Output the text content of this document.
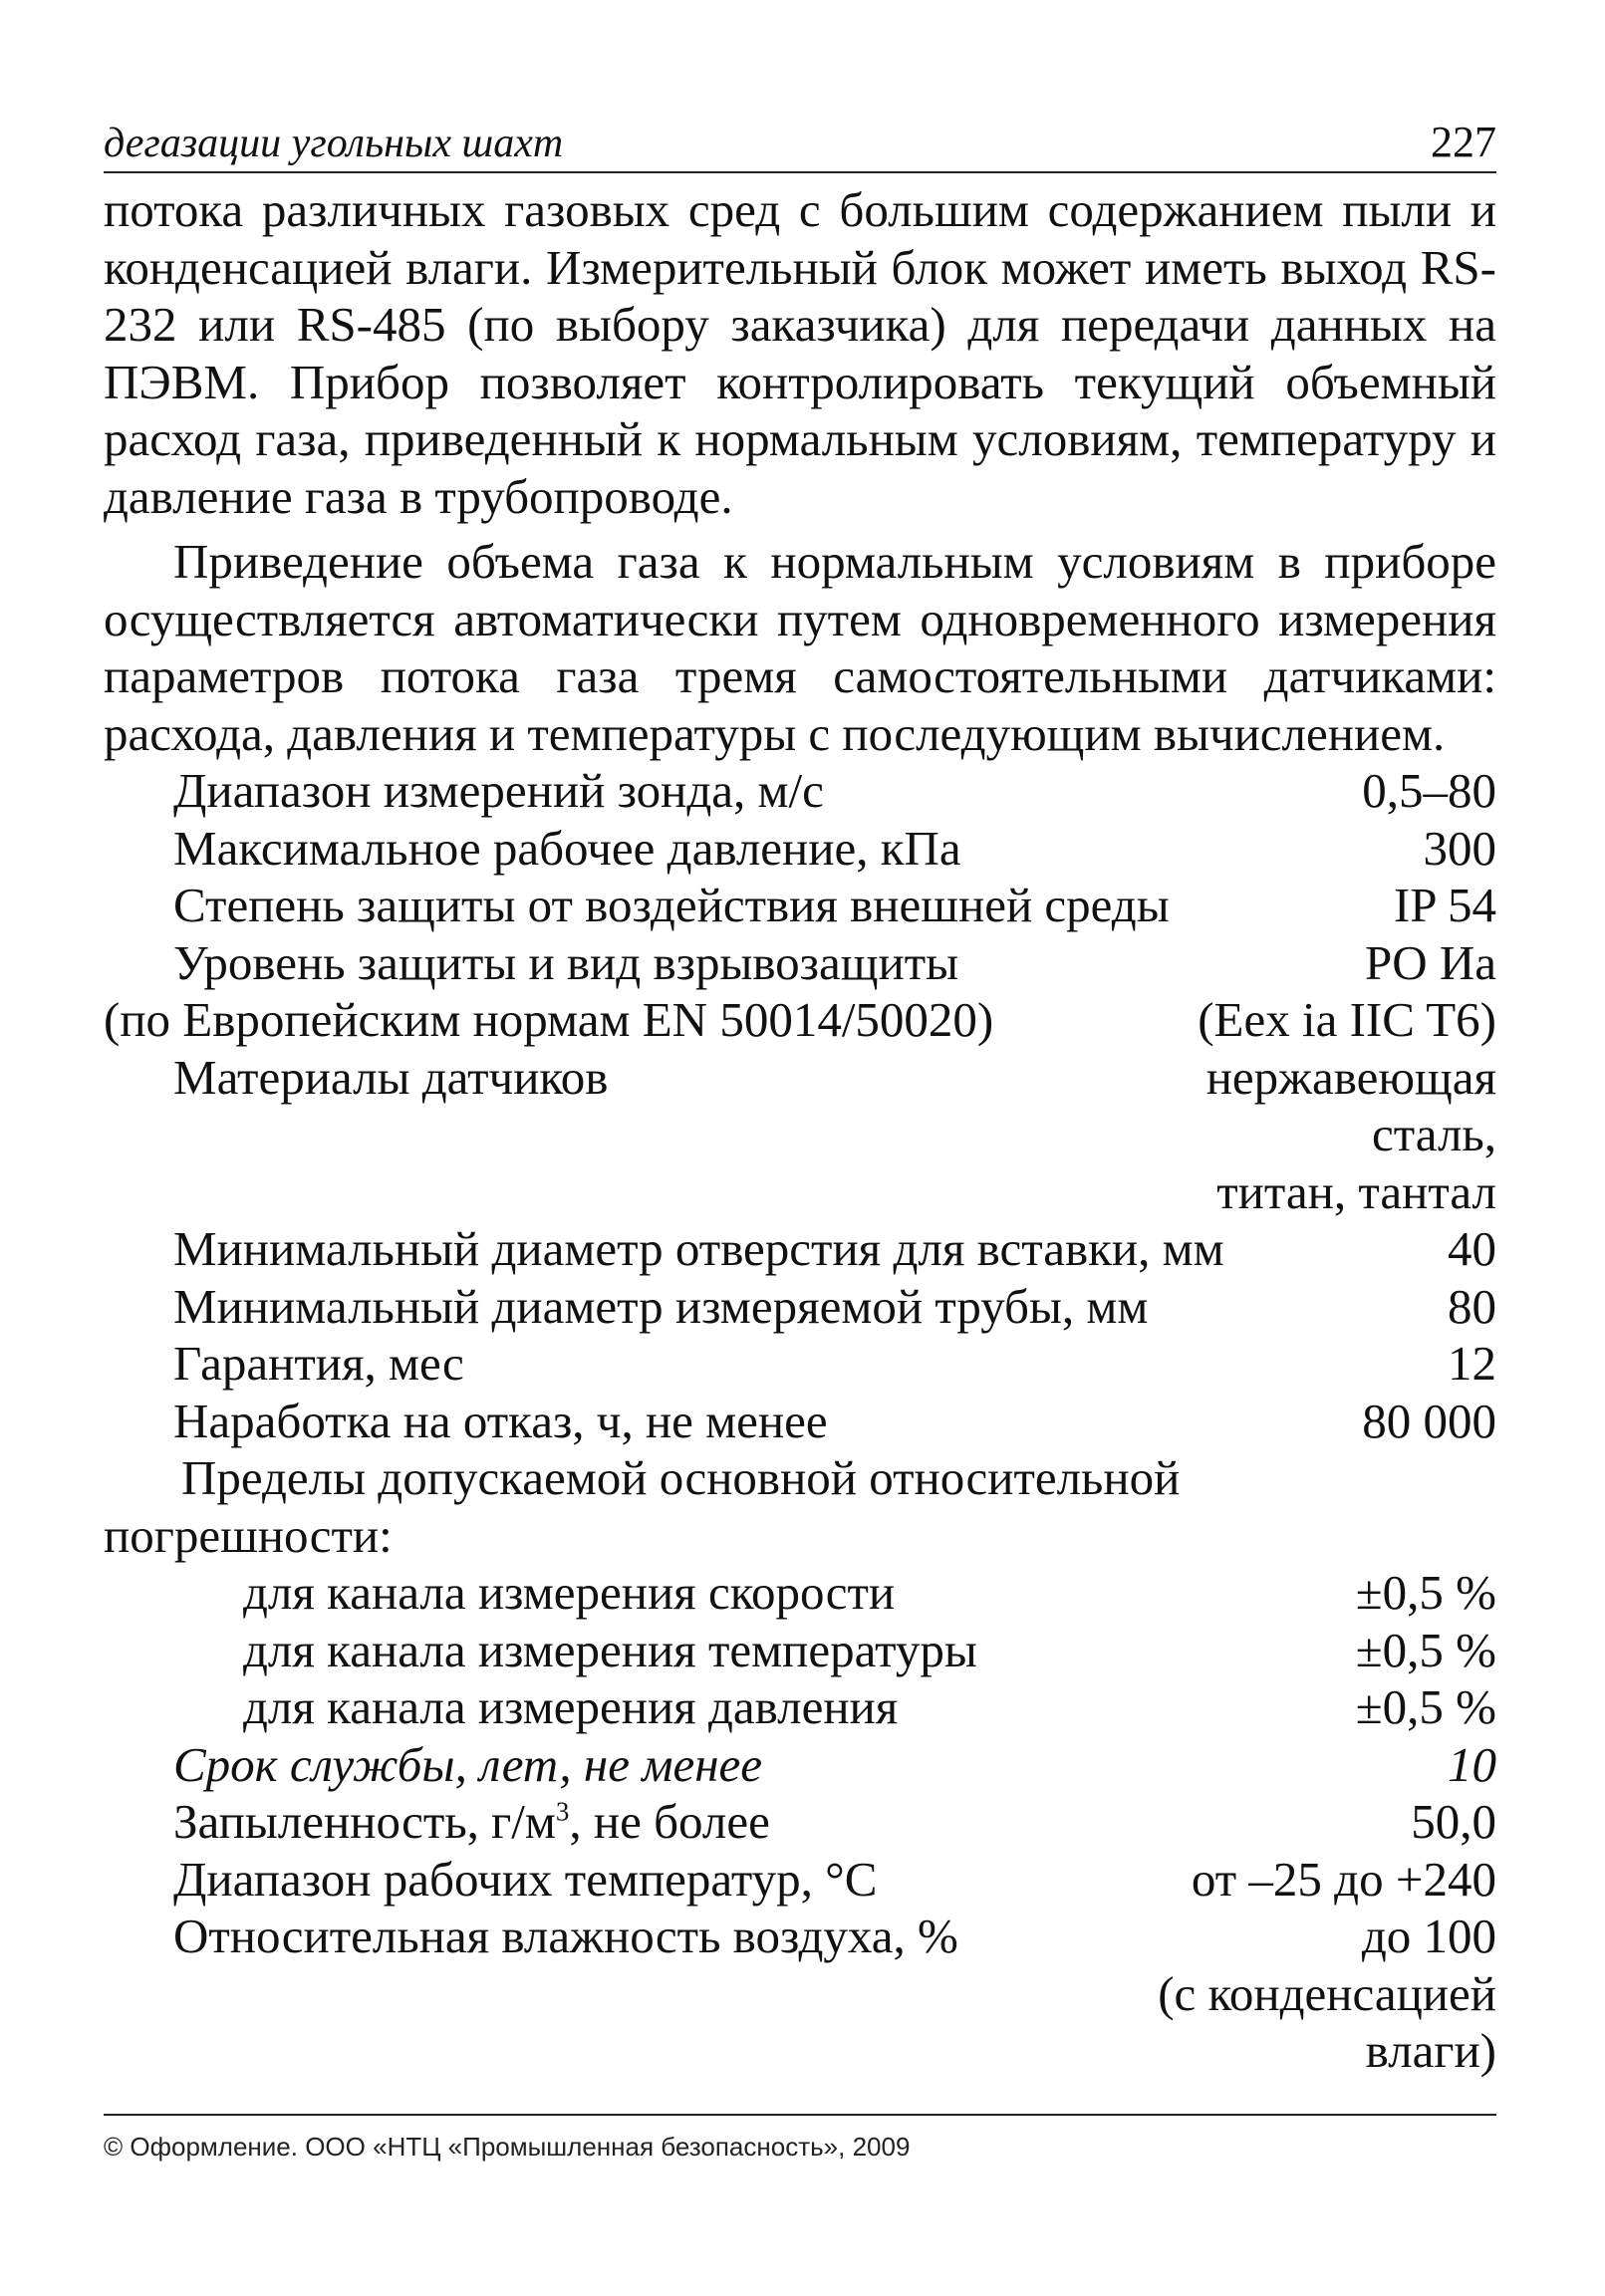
дегазации угольных шахт	227

потока различных газовых сред с большим содержанием пыли и конденсацией влаги. Измерительный блок может иметь выход RS-232 или RS-485 (по выбору заказчика) для передачи данных на ПЭВМ. Прибор позволяет контролировать текущий объемный расход газа, приведенный к нормальным условиям, температуру и давление газа в трубопроводе.

Приведение объема газа к нормальным условиям в приборе осуществляется автоматически путем одновременного измерения параметров потока газа тремя самостоятельными датчиками: расхода, давления и температуры с последующим вычислением.

Диапазон измерений зонда, м/с	0,5–80
Максимальное рабочее давление, кПа	300
Степень защиты от воздействия внешней среды	IP 54
Уровень защиты и вид взрывозащиты	PO Иа
(по Европейским нормам EN 50014/50020)	(Eex ia IIC T6)
Материалы датчиков	нержавеющая
сталь,
титан, тантал
Минимальный диаметр отверстия для вставки, мм	40
Минимальный диаметр измеряемой трубы, мм	80
Гарантия, мес	12
Наработка на отказ, ч, не менее	80 000
Пределы допускаемой основной относительной
погрешности:
для канала измерения скорости	±0,5 %
для канала измерения температуры	±0,5 %
для канала измерения давления	±0,5 %
Срок службы, лет, не менее	10
Запыленность, $г/м^3$, не более	50,0
Диапазон рабочих температур, °C	от –25 до +240
Относительная влажность воздуха, %	до 100
(с конденсацией
влаги)
© Оформление. ООО «НТЦ «Промышленная безопасность», 2009
